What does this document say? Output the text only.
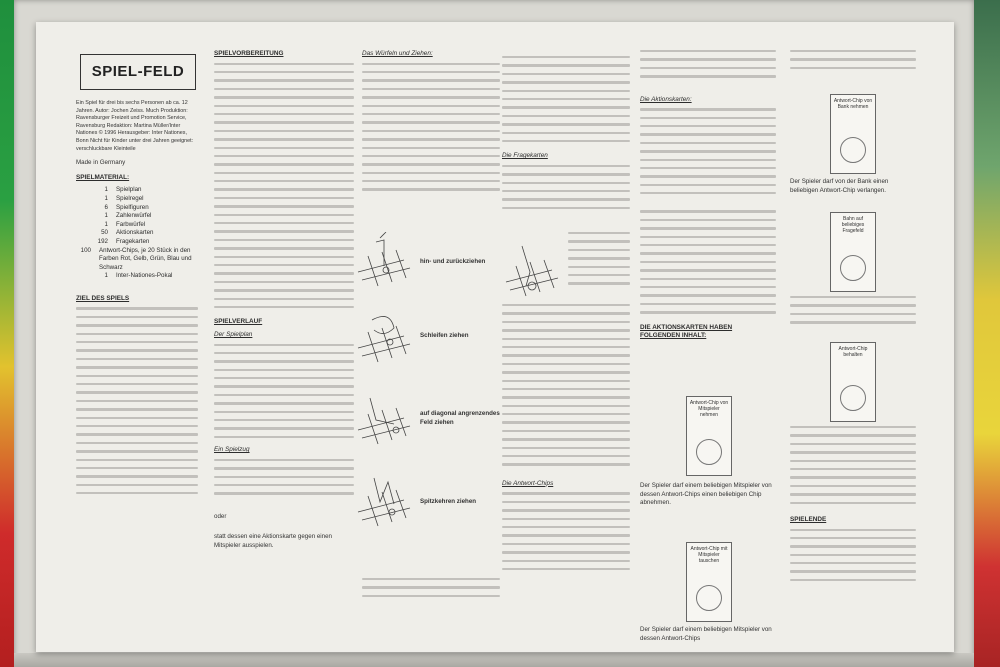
SPIEL-FELD

Ein Spiel für drei bis sechs Personen ab ca. 12 Jahren. Autor: Jochen Zeiss. Much Produktion: Ravensburger Freizeit und Promotion Service, Ravensburg Redaktion: Martina Müller/Inter Nationes © 1996 Herausgeber: Inter Nationes, Bonn Nicht für Kinder unter drei Jahren geeignet: verschluckbare Kleinteile

Made in Germany

SPIELMATERIAL:
1 Spielplan
1 Spielregel
6 Spielfiguren
1 Zahlenwürfel
1 Farbwürfel
50 Aktionskarten
192 Fragekarten
100 Antwort-Chips, je 20 Stück in den Farben Rot, Gelb, Grün, Blau und Schwarz
1 Inter-Nationes-Pokal
ZIEL DES SPIELS
SPIELVORBEREITUNG
SPIELVERLAUF
Der Spielplan
Ein Spielzug

oder

statt dessen eine Aktionskarte gegen einen Mitspieler ausspielen.

Das Würfeln und Ziehen:
hin- und zurückziehen
Schleifen ziehen
auf diagonal angrenzendes Feld ziehen
Spitzkehren ziehen
Die Fragekarten
Die Antwort-Chips
Die Aktionskarten:
DIE AKTIONSKARTEN HABEN FOLGENDEN INHALT:
Antwort-Chip von Mitspieler nehmen

Der Spieler darf einem beliebigen Mitspieler von dessen Antwort-Chips einen beliebigen Chip abnehmen.

Antwort-Chip mit Mitspieler tauschen

Der Spieler darf einem beliebigen Mitspieler von dessen Antwort-Chips

Antwort-Chip von Bank nehmen

Der Spieler darf von der Bank einen beliebigen Antwort-Chip verlangen.

Bahn auf beliebiges Fragefeld
Antwort-Chip behalten
SPIELENDE
